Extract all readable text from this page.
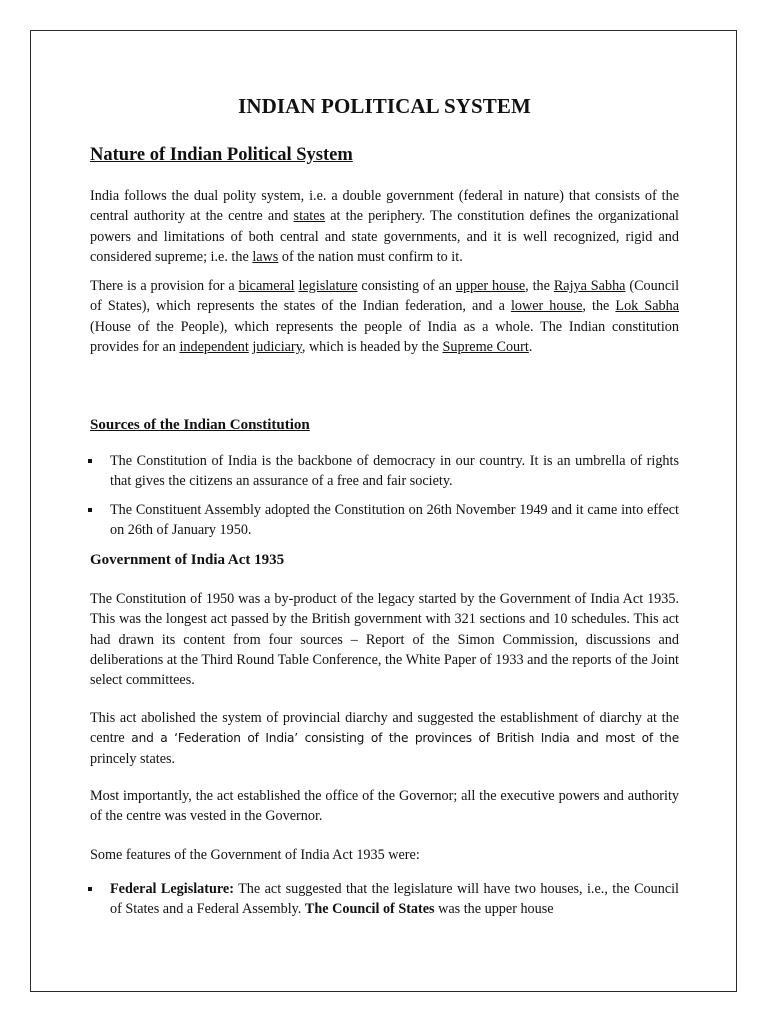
INDIAN POLITICAL SYSTEM
Nature of Indian Political System

India follows the dual polity system, i.e. a double government (federal in nature) that consists of the central authority at the centre and states at the periphery. The constitution defines the organizational powers and limitations of both central and state governments, and it is well recognized, rigid and considered supreme; i.e. the laws of the nation must confirm to it.

There is a provision for a bicameral legislature consisting of an upper house, the Rajya Sabha (Council of States), which represents the states of the Indian federation, and a lower house, the Lok Sabha (House of the People), which represents the people of India as a whole. The Indian constitution provides for an independent judiciary, which is headed by the Supreme Court.

Sources of the Indian Constitution
The Constitution of India is the backbone of democracy in our country. It is an umbrella of rights that gives the citizens an assurance of a free and fair society.
The Constituent Assembly adopted the Constitution on 26th November 1949 and it came into effect on 26th of January 1950.
Government of India Act 1935

The Constitution of 1950 was a by-product of the legacy started by the Government of India Act 1935. This was the longest act passed by the British government with 321 sections and 10 schedules. This act had drawn its content from four sources – Report of the Simon Commission, discussions and deliberations at the Third Round Table Conference, the White Paper of 1933 and the reports of the Joint select committees.

This act abolished the system of provincial diarchy and suggested the establishment of diarchy at the centre and a ‘Federation of India’ consisting of the provinces of British India and most of the princely states.

Most importantly, the act established the office of the Governor; all the executive powers and authority of the centre was vested in the Governor.

Some features of the Government of India Act 1935 were:

Federal Legislature: The act suggested that the legislature will have two houses, i.e., the Council of States and a Federal Assembly. The Council of States was the upper house
